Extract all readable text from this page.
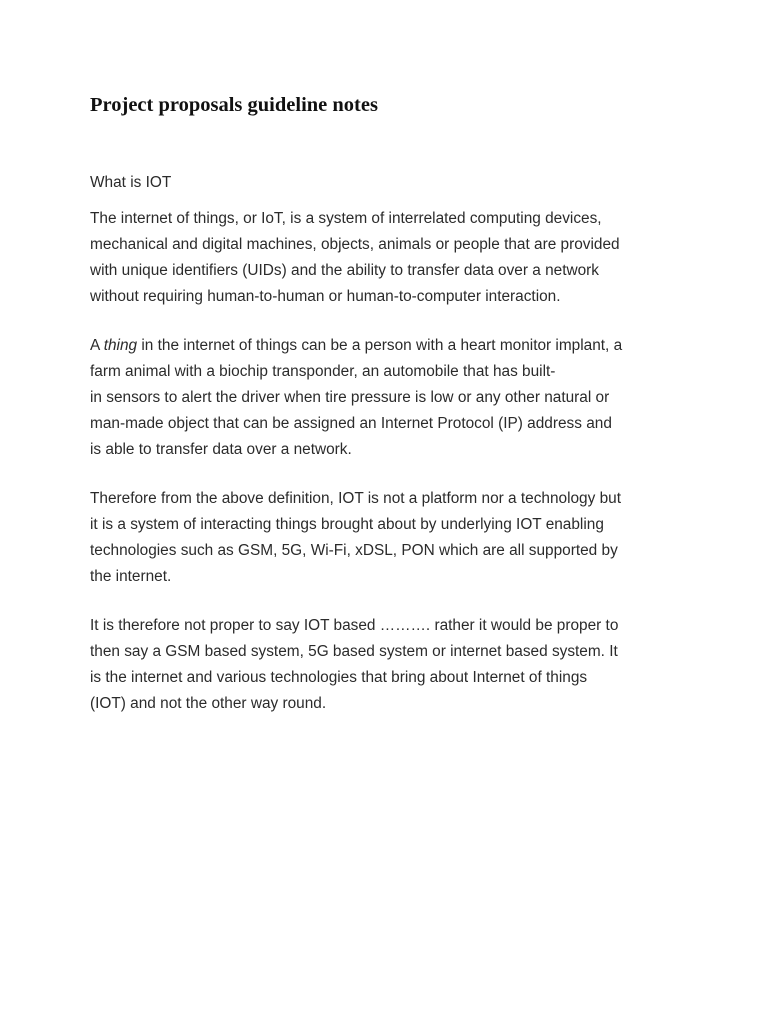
Project proposals guideline notes

What is IOT

The internet of things, or IoT, is a system of interrelated computing devices,
mechanical and digital machines, objects, animals or people that are provided
with unique identifiers (UIDs) and the ability to transfer data over a network
without requiring human-to-human or human-to-computer interaction.

A thing in the internet of things can be a person with a heart monitor implant, a
farm animal with a biochip transponder, an automobile that has built-
in sensors to alert the driver when tire pressure is low or any other natural or
man-made object that can be assigned an Internet Protocol (IP) address and
is able to transfer data over a network.

Therefore from the above definition, IOT is not a platform nor a technology but
it is a system of interacting things brought about by underlying IOT enabling
technologies such as GSM, 5G, Wi-Fi, xDSL, PON which are all supported by
the internet.

It is therefore not proper to say IOT based ………. rather it would be proper to
then say a GSM based system, 5G based system or internet based system. It
is the internet and various technologies that bring about Internet of things
(IOT) and not the other way round.
